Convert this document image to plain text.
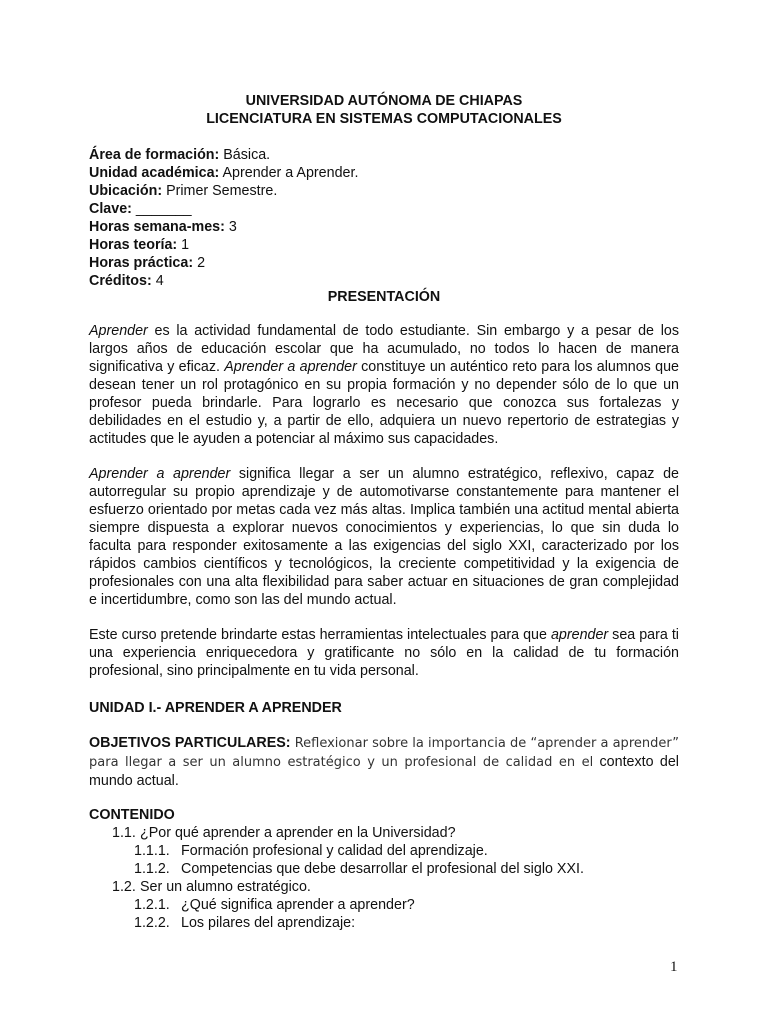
UNIVERSIDAD AUTÓNOMA DE CHIAPAS
LICENCIATURA EN SISTEMAS COMPUTACIONALES
Área de formación: Básica.
Unidad académica: Aprender a Aprender.
Ubicación: Primer Semestre.
Clave: _______
Horas semana-mes: 3
Horas teoría: 1
Horas práctica: 2
Créditos: 4
PRESENTACIÓN
Aprender es la actividad fundamental de todo estudiante. Sin embargo y a pesar de los largos años de educación escolar que ha acumulado, no todos lo hacen de manera significativa y eficaz. Aprender a aprender constituye un auténtico reto para los alumnos que desean tener un rol protagónico en su propia formación y no depender sólo de lo que un profesor pueda brindarle. Para lograrlo es necesario que conozca sus fortalezas y debilidades en el estudio y, a partir de ello, adquiera un nuevo repertorio de estrategias y actitudes que le ayuden a potenciar al máximo sus capacidades.
Aprender a aprender significa llegar a ser un alumno estratégico, reflexivo, capaz de autorregular su propio aprendizaje y de automotivarse constantemente para mantener el esfuerzo orientado por metas cada vez más altas. Implica también una actitud mental abierta siempre dispuesta a explorar nuevos conocimientos y experiencias, lo que sin duda lo faculta para responder exitosamente a las exigencias del siglo XXI, caracterizado por los rápidos cambios científicos y tecnológicos, la creciente competitividad y la exigencia de profesionales con una alta flexibilidad para saber actuar en situaciones de gran complejidad e incertidumbre, como son las del mundo actual.
Este curso pretende brindarte estas herramientas intelectuales para que aprender sea para ti una experiencia enriquecedora y gratificante no sólo en la calidad de tu formación profesional, sino principalmente en tu vida personal.
UNIDAD I.- APRENDER A APRENDER
OBJETIVOS PARTICULARES: Reflexionar sobre la importancia de “aprender a aprender” para llegar a ser un alumno estratégico y un profesional de calidad en el contexto del mundo actual.
CONTENIDO
1.1. ¿Por qué aprender a aprender en la Universidad?
1.1.1. Formación profesional y calidad del aprendizaje.
1.1.2. Competencias que debe desarrollar el profesional del siglo XXI.
1.2. Ser un alumno estratégico.
1.2.1. ¿Qué significa aprender a aprender?
1.2.2. Los pilares del aprendizaje:
1
